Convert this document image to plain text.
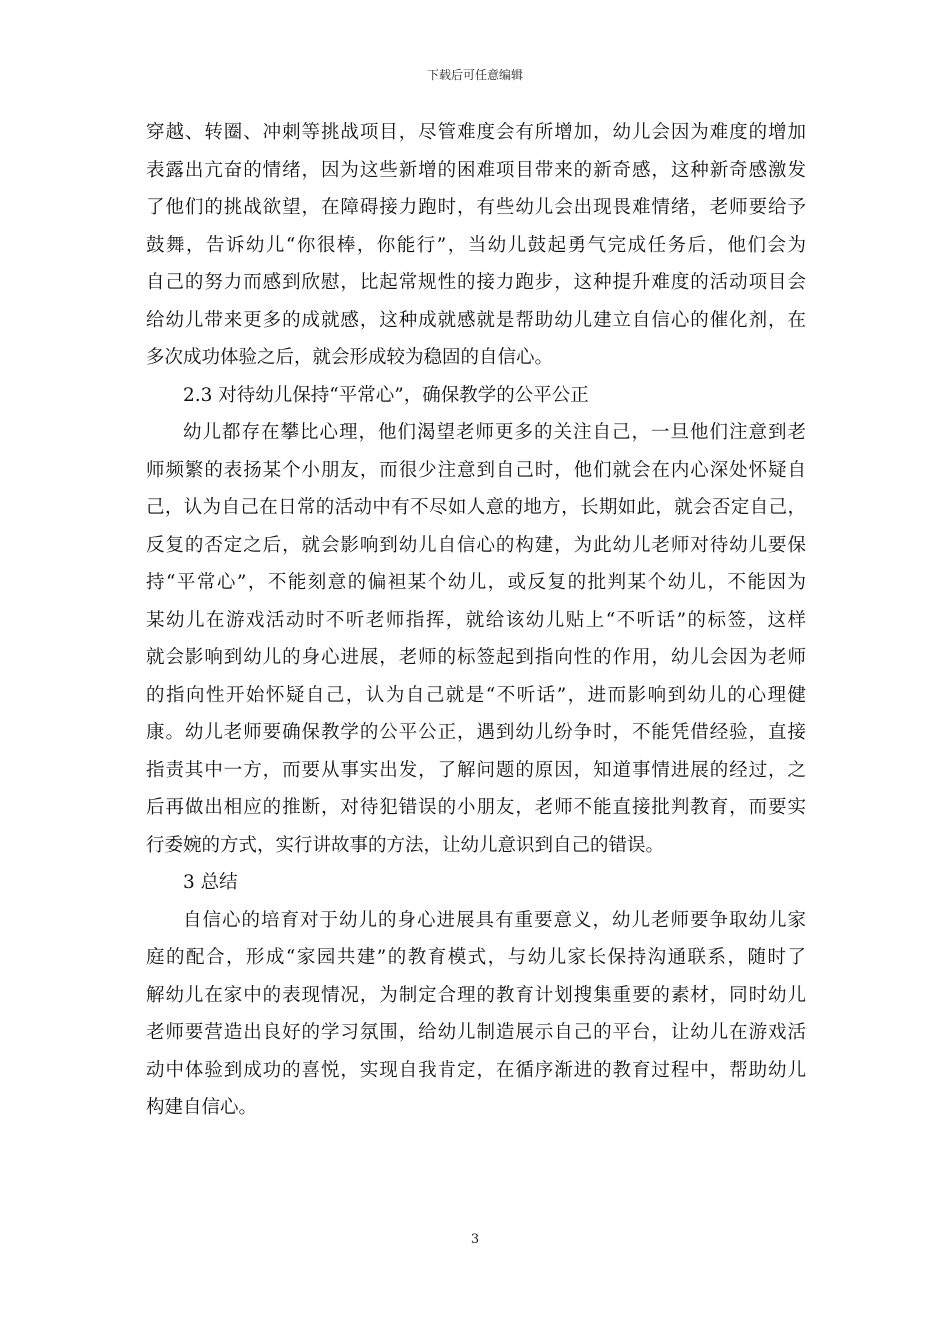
下载后可任意编辑
穿越、转圈、冲刺等挑战项目，尽管难度会有所增加，幼儿会因为难度的增加
表露出亢奋的情绪，因为这些新增的困难项目带来的新奇感，这种新奇感激发
了他们的挑战欲望，在障碍接力跑时，有些幼儿会出现畏难情绪，老师要给予
鼓舞，告诉幼儿“你很棒，你能行”，当幼儿鼓起勇气完成任务后，他们会为
自己的努力而感到欣慰，比起常规性的接力跑步，这种提升难度的活动项目会
给幼儿带来更多的成就感，这种成就感就是帮助幼儿建立自信心的催化剂，在
多次成功体验之后，就会形成较为稳固的自信心。
2.3 对待幼儿保持“平常心”，确保教学的公平公正
幼儿都存在攀比心理，他们渴望老师更多的关注自己，一旦他们注意到老
师频繁的表扬某个小朋友，而很少注意到自己时，他们就会在内心深处怀疑自
己，认为自己在日常的活动中有不尽如人意的地方，长期如此，就会否定自己，
反复的否定之后，就会影响到幼儿自信心的构建，为此幼儿老师对待幼儿要保
持“平常心”，不能刻意的偏袒某个幼儿，或反复的批判某个幼儿，不能因为
某幼儿在游戏活动时不听老师指挥，就给该幼儿贴上“不听话”的标签，这样
就会影响到幼儿的身心进展，老师的标签起到指向性的作用，幼儿会因为老师
的指向性开始怀疑自己，认为自己就是“不听话”，进而影响到幼儿的心理健
康。幼儿老师要确保教学的公平公正，遇到幼儿纷争时，不能凭借经验，直接
指责其中一方，而要从事实出发，了解问题的原因，知道事情进展的经过，之
后再做出相应的推断，对待犯错误的小朋友，老师不能直接批判教育，而要实
行委婉的方式，实行讲故事的方法，让幼儿意识到自己的错误。
3 总结
自信心的培育对于幼儿的身心进展具有重要意义，幼儿老师要争取幼儿家
庭的配合，形成“家园共建”的教育模式，与幼儿家长保持沟通联系，随时了
解幼儿在家中的表现情况，为制定合理的教育计划搜集重要的素材，同时幼儿
老师要营造出良好的学习氛围，给幼儿制造展示自己的平台，让幼儿在游戏活
动中体验到成功的喜悦，实现自我肯定，在循序渐进的教育过程中，帮助幼儿
构建自信心。
3
